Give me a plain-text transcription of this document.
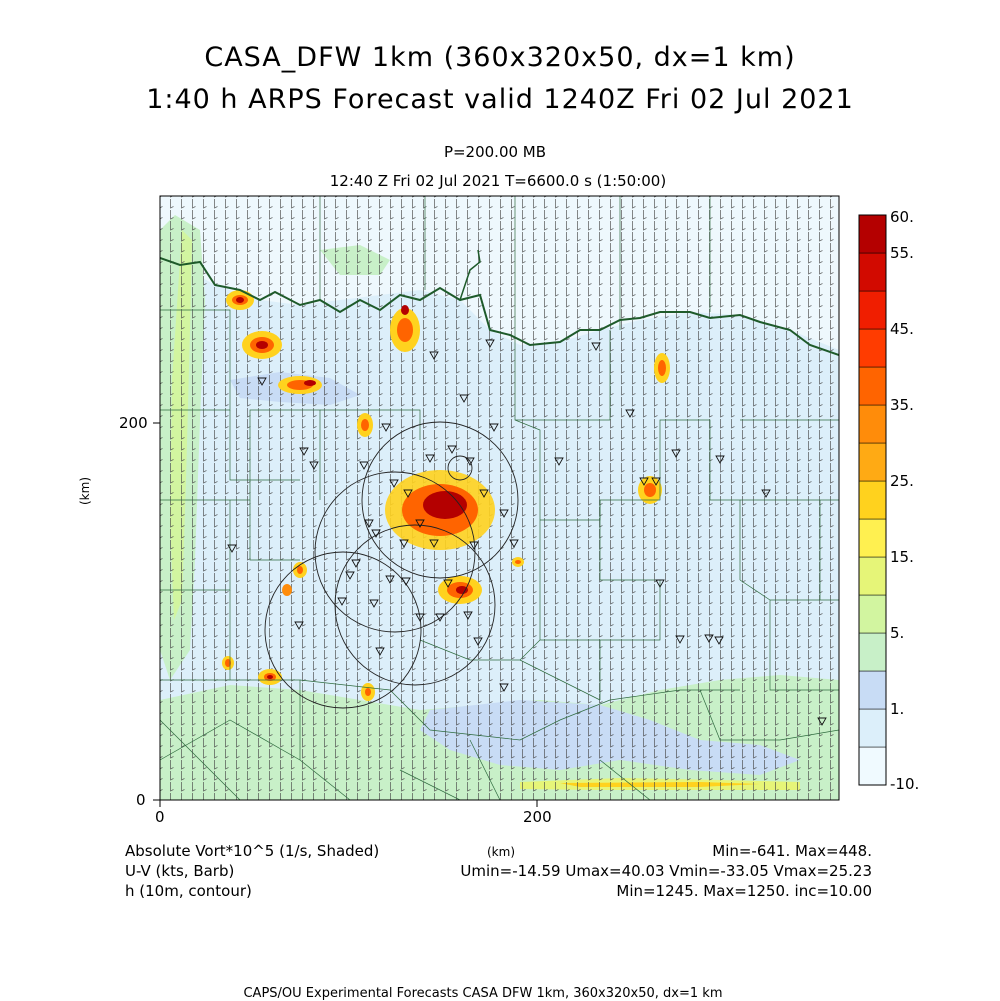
CASA_DFW 1km (360x320x50, dx=1 km)
1:40 h ARPS Forecast valid 1240Z Fri 02 Jul 2021
P=200.00 MB
12:40 Z Fri 02 Jul 2021 T=6600.0 s (1:50:00)
0
200
0	200
(km)
(km)
60.
55.
45.
35.
25.
15.
5.
1.
-10.
Absolute Vort*10^5 (1/s, Shaded)
U-V (kts, Barb)
h (10m, contour)
Min=-641. Max=448.
Umin=-14.59 Umax=40.03 Vmin=-33.05 Vmax=25.23
Min=1245. Max=1250. inc=10.00
CAPS/OU Experimental Forecasts CASA DFW 1km, 360x320x50, dx=1 km
